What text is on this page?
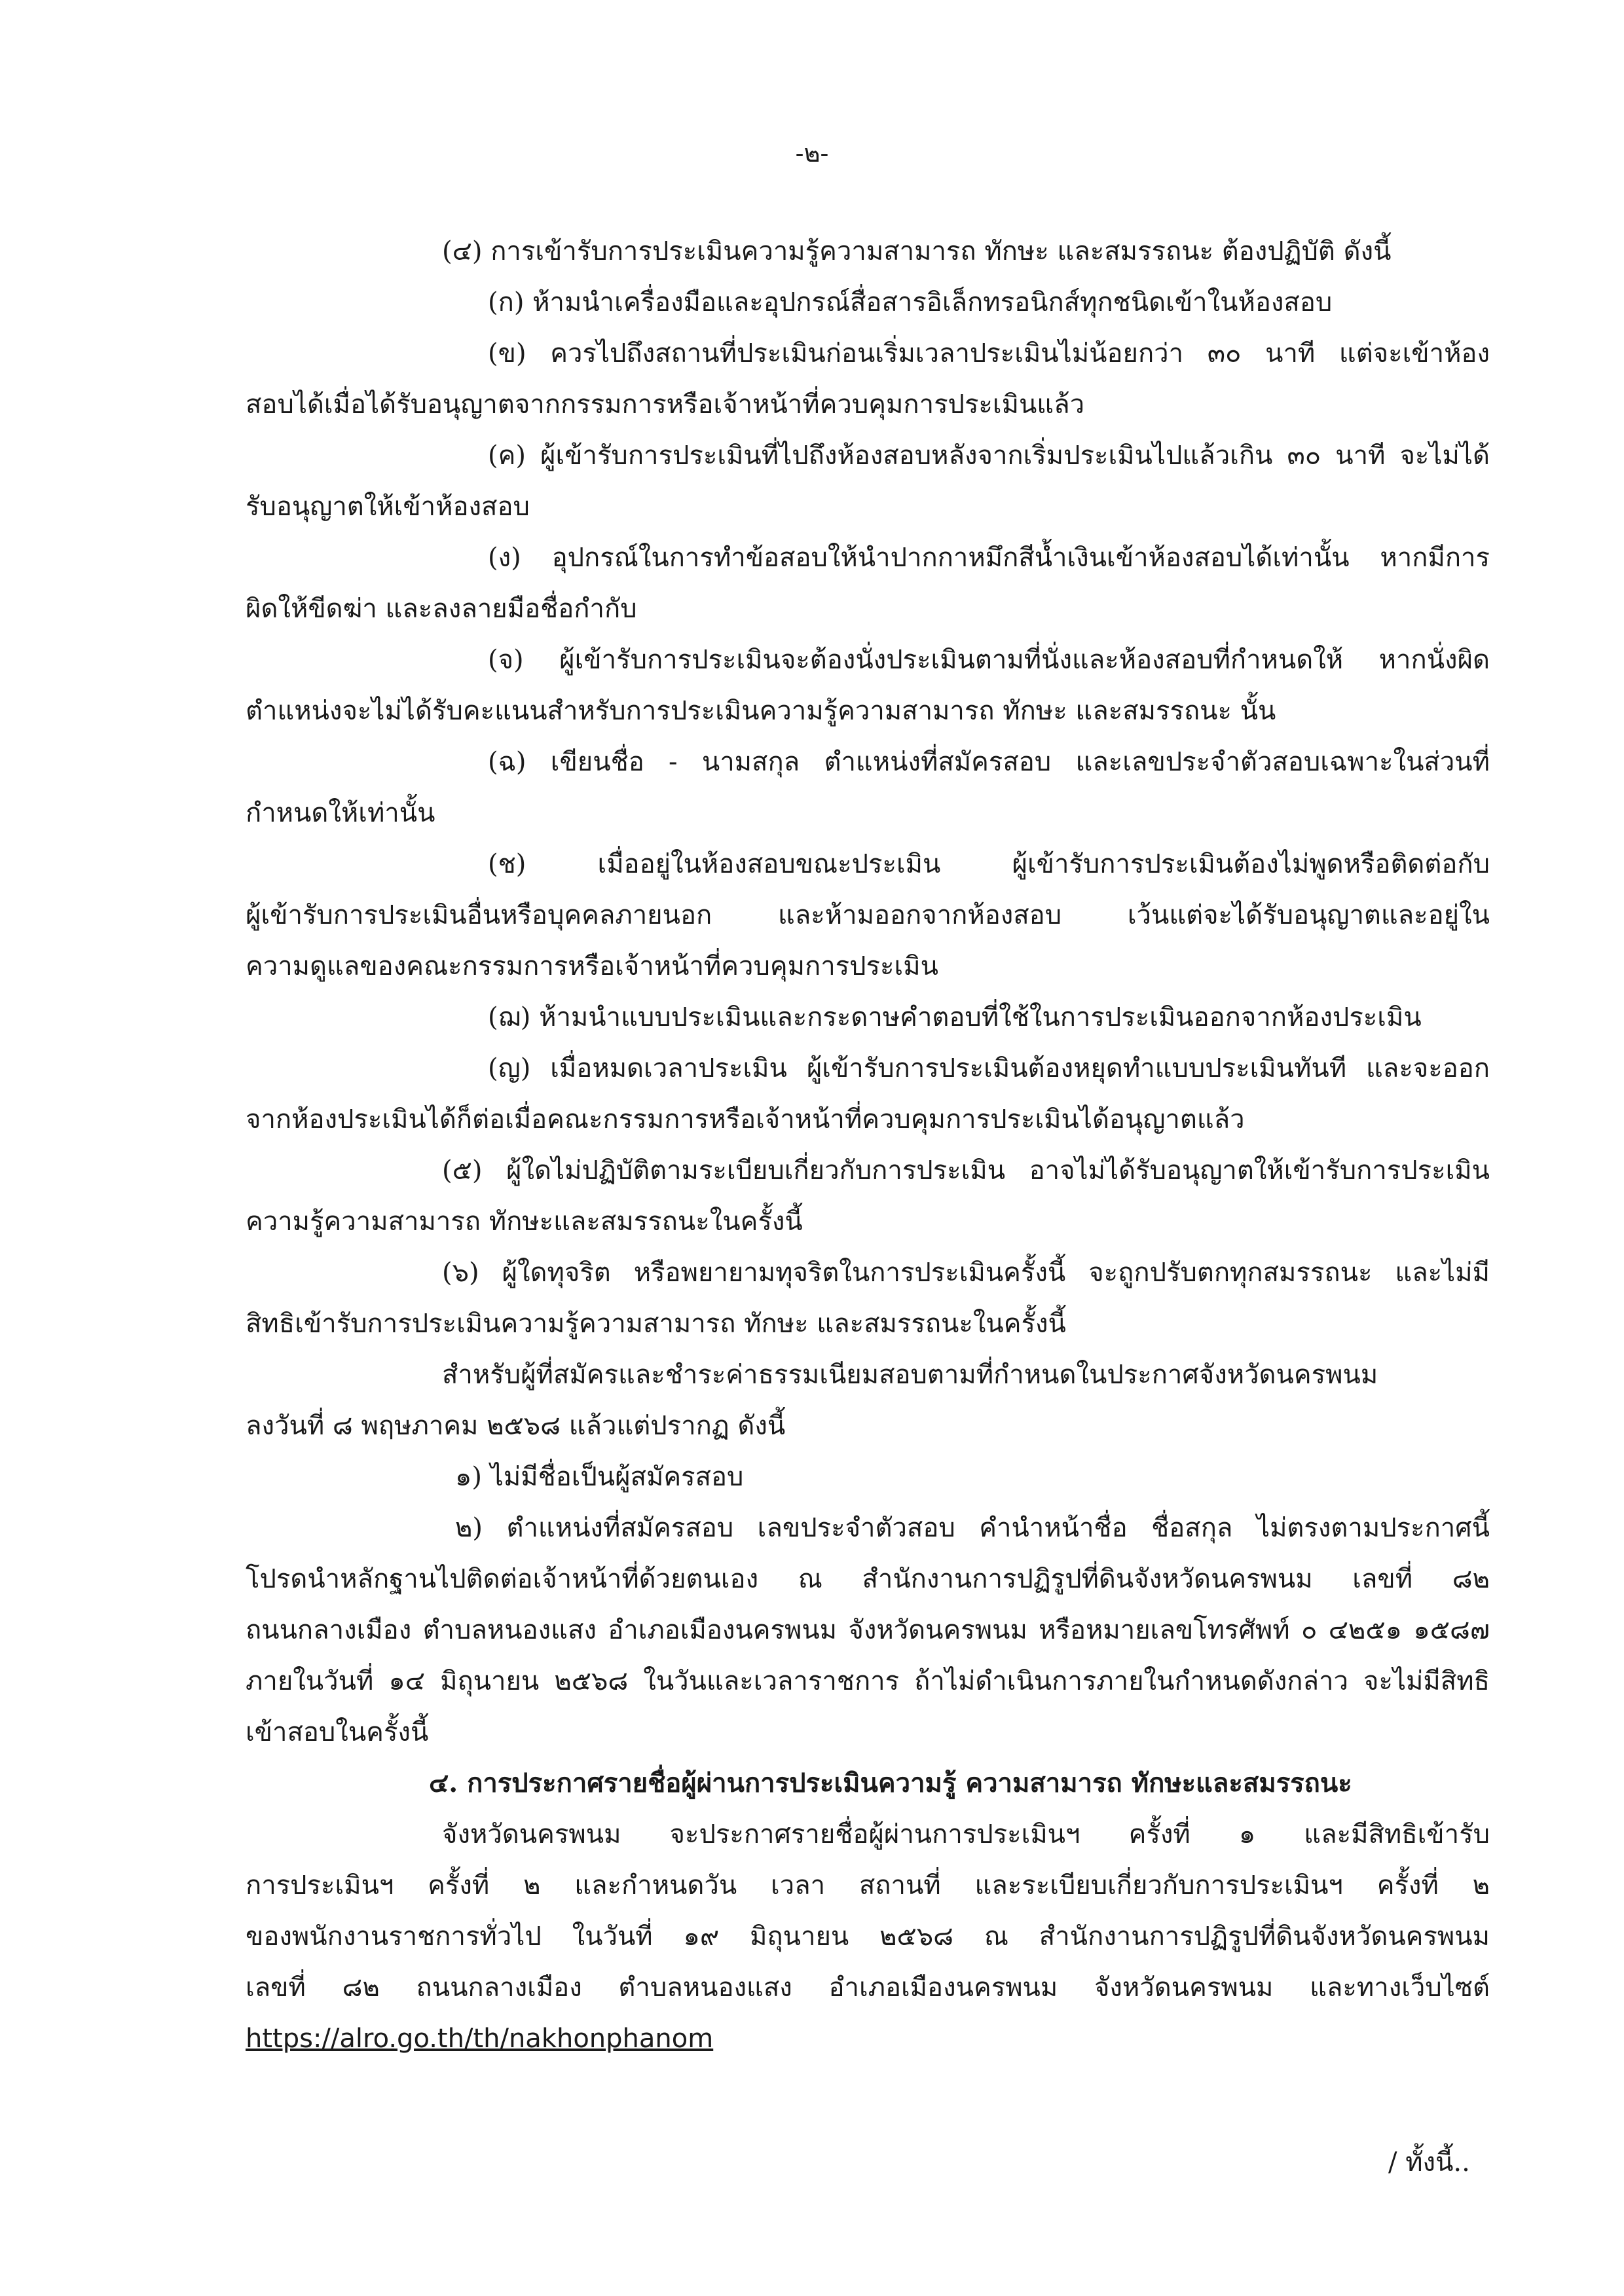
-๒-
(๔) การเข้ารับการประเมินความรู้ความสามารถ ทักษะ และสมรรถนะ ต้องปฏิบัติ ดังนี้
(ก) ห้ามนำเครื่องมือและอุปกรณ์สื่อสารอิเล็กทรอนิกส์ทุกชนิดเข้าในห้องสอบ
(ข) ควรไปถึงสถานที่ประเมินก่อนเริ่มเวลาประเมินไม่น้อยกว่า ๓๐ นาที แต่จะเข้าห้อง
สอบได้เมื่อได้รับอนุญาตจากกรรมการหรือเจ้าหน้าที่ควบคุมการประเมินแล้ว
(ค) ผู้เข้ารับการประเมินที่ไปถึงห้องสอบหลังจากเริ่มประเมินไปแล้วเกิน ๓๐ นาที จะไม่ได้
รับอนุญาตให้เข้าห้องสอบ
(ง) อุปกรณ์ในการทำข้อสอบให้นำปากกาหมึกสีน้ำเงินเข้าห้องสอบได้เท่านั้น หากมีการ
ผิดให้ขีดฆ่า และลงลายมือชื่อกำกับ
(จ) ผู้เข้ารับการประเมินจะต้องนั่งประเมินตามที่นั่งและห้องสอบที่กำหนดให้ หากนั่งผิด
ตำแหน่งจะไม่ได้รับคะแนนสำหรับการประเมินความรู้ความสามารถ ทักษะ และสมรรถนะ นั้น
(ฉ) เขียนชื่อ - นามสกุล ตำแหน่งที่สมัครสอบ และเลขประจำตัวสอบเฉพาะในส่วนที่
กำหนดให้เท่านั้น
(ช) เมื่ออยู่ในห้องสอบขณะประเมิน ผู้เข้ารับการประเมินต้องไม่พูดหรือติดต่อกับ
ผู้เข้ารับการประเมินอื่นหรือบุคคลภายนอก และห้ามออกจากห้องสอบ เว้นแต่จะได้รับอนุญาตและอยู่ใน
ความดูแลของคณะกรรมการหรือเจ้าหน้าที่ควบคุมการประเมิน
(ฌ) ห้ามนำแบบประเมินและกระดาษคำตอบที่ใช้ในการประเมินออกจากห้องประเมิน
(ญ) เมื่อหมดเวลาประเมิน ผู้เข้ารับการประเมินต้องหยุดทำแบบประเมินทันที และจะออก
จากห้องประเมินได้ก็ต่อเมื่อคณะกรรมการหรือเจ้าหน้าที่ควบคุมการประเมินได้อนุญาตแล้ว
(๕) ผู้ใดไม่ปฏิบัติตามระเบียบเกี่ยวกับการประเมิน อาจไม่ได้รับอนุญาตให้เข้ารับการประเมิน
ความรู้ความสามารถ ทักษะและสมรรถนะในครั้งนี้
(๖) ผู้ใดทุจริต หรือพยายามทุจริตในการประเมินครั้งนี้ จะถูกปรับตกทุกสมรรถนะ และไม่มี
สิทธิเข้ารับการประเมินความรู้ความสามารถ ทักษะ และสมรรถนะในครั้งนี้
สำหรับผู้ที่สมัครและชำระค่าธรรมเนียมสอบตามที่กำหนดในประกาศจังหวัดนครพนม
ลงวันที่ ๘ พฤษภาคม ๒๕๖๘ แล้วแต่ปรากฏ ดังนี้
๑) ไม่มีชื่อเป็นผู้สมัครสอบ
๒) ตำแหน่งที่สมัครสอบ เลขประจำตัวสอบ คำนำหน้าชื่อ ชื่อสกุล ไม่ตรงตามประกาศนี้
โปรดนำหลักฐานไปติดต่อเจ้าหน้าที่ด้วยตนเอง ณ สำนักงานการปฏิรูปที่ดินจังหวัดนครพนม เลขที่ ๘๒
ถนนกลางเมือง ตำบลหนองแสง อำเภอเมืองนครพนม จังหวัดนครพนม หรือหมายเลขโทรศัพท์ ๐ ๔๒๕๑ ๑๕๘๗
ภายในวันที่ ๑๔ มิถุนายน ๒๕๖๘ ในวันและเวลาราชการ ถ้าไม่ดำเนินการภายในกำหนดดังกล่าว จะไม่มีสิทธิ
เข้าสอบในครั้งนี้
๔. การประกาศรายชื่อผู้ผ่านการประเมินความรู้ ความสามารถ ทักษะและสมรรถนะ
จังหวัดนครพนม จะประกาศรายชื่อผู้ผ่านการประเมินฯ ครั้งที่ ๑ และมีสิทธิเข้ารับ
การประเมินฯ ครั้งที่ ๒ และกำหนดวัน เวลา สถานที่ และระเบียบเกี่ยวกับการประเมินฯ ครั้งที่ ๒
ของพนักงานราชการทั่วไป ในวันที่ ๑๙ มิถุนายน ๒๕๖๘ ณ สำนักงานการปฏิรูปที่ดินจังหวัดนครพนม
เลขที่ ๘๒ ถนนกลางเมือง ตำบลหนองแสง อำเภอเมืองนครพนม จังหวัดนครพนม และทางเว็บไซต์
https://alro.go.th/th/nakhonphanom
/ ทั้งนี้..
